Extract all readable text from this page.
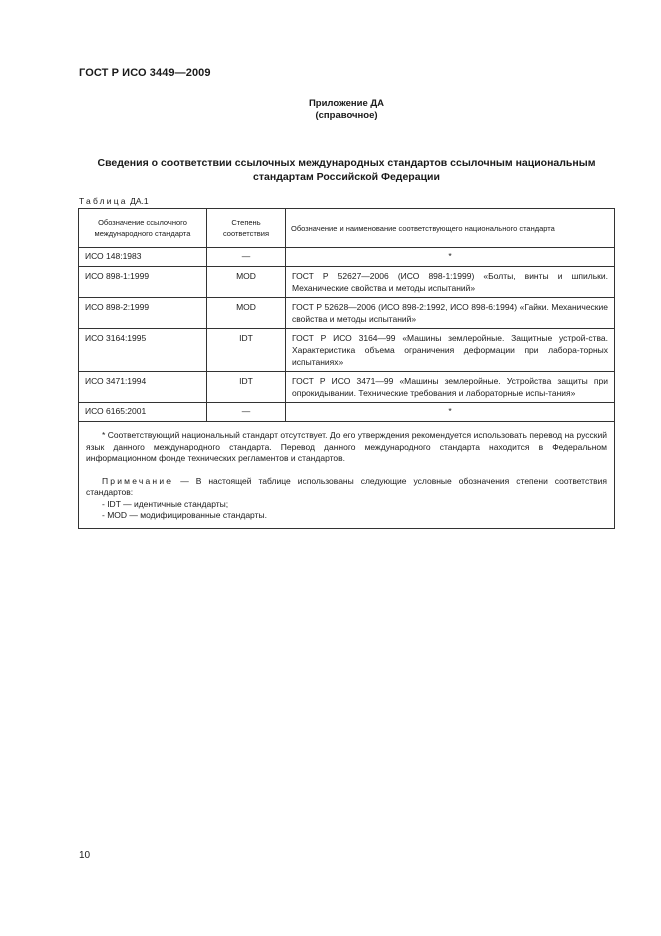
ГОСТ Р ИСО 3449—2009
Приложение ДА
(справочное)
Сведения о соответствии ссылочных международных стандартов ссылочным национальным стандартам Российской Федерации
Таблица ДА.1
Обозначение ссылочного международного стандарта	Степень соответствия	Обозначение и наименование соответствующего национального стандарта
ИСО 148:1983	—	*
ИСО 898-1:1999	MOD	ГОСТ Р 52627—2006 (ИСО 898-1:1999) «Болты, винты и шпильки. Механические свойства и методы испытаний»
ИСО 898-2:1999	MOD	ГОСТ Р 52628—2006 (ИСО 898-2:1992, ИСО 898-6:1994) «Гайки. Механические свойства и методы испытаний»
ИСО 3164:1995	IDT	ГОСТ Р ИСО 3164—99 «Машины землеройные. Защитные устрой-ства. Характеристика объема ограничения деформации при лабора-торных испытаниях»
ИСО 3471:1994	IDT	ГОСТ Р ИСО 3471—99 «Машины землеройные. Устройства защиты при опрокидывании. Технические требования и лабораторные испы-тания»
ИСО 6165:2001	—	*

* Соответствующий национальный стандарт отсутствует. До его утверждения рекомендуется использовать перевод на русский язык данного международного стандарта. Перевод данного международного стандарта находится в Федеральном информационном фонде технических регламентов и стандартов.

Примечание — В настоящей таблице использованы следующие условные обозначения степени соответствия стандартов:

- IDT — идентичные стандарты;

- MOD — модифицированные стандарты.		

10
